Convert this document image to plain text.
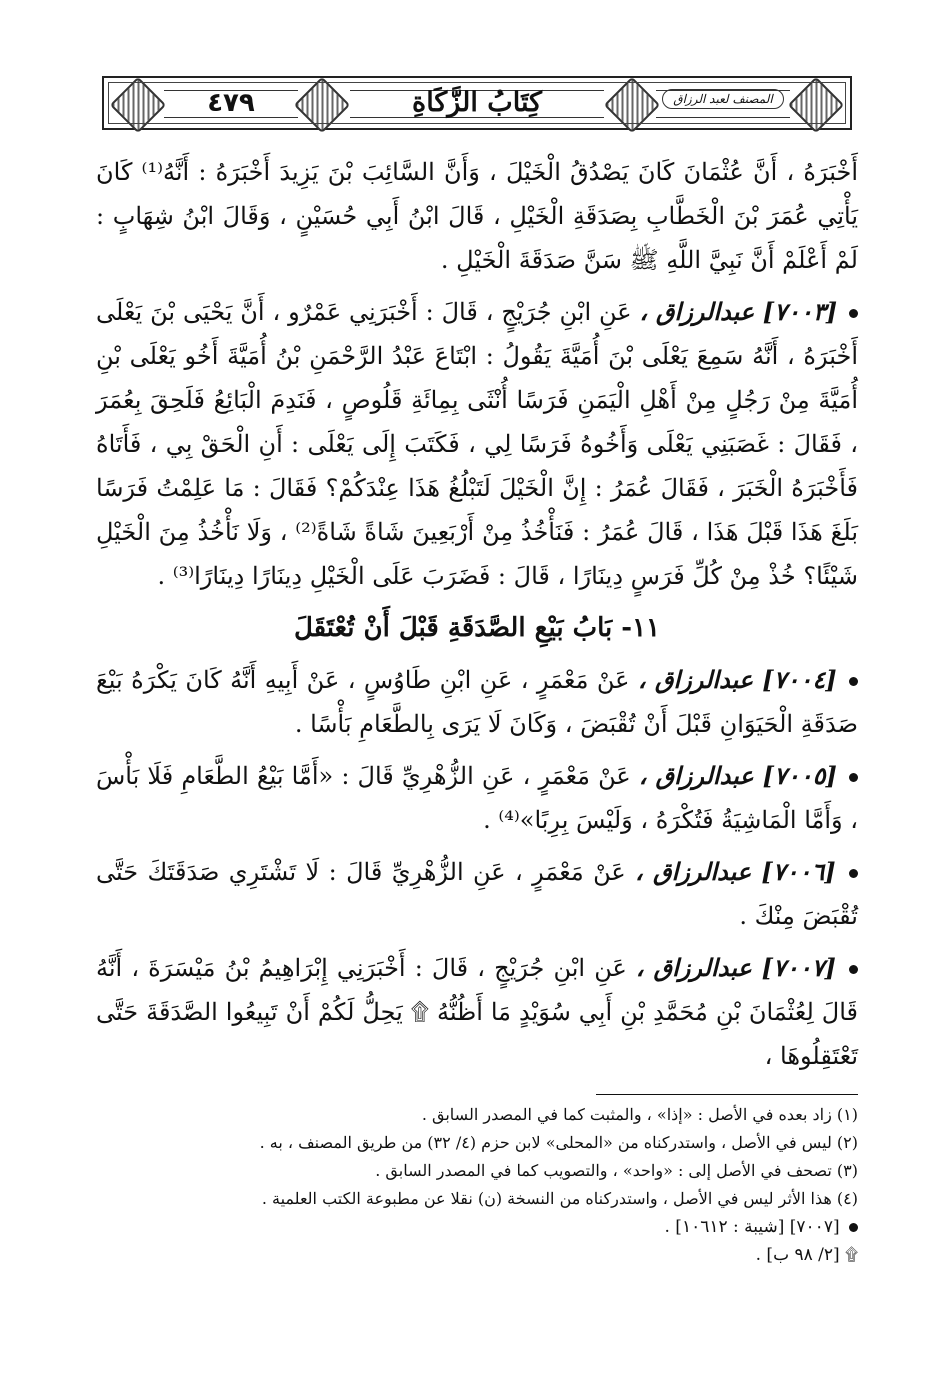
٤٧٩	كِتَابُ الزَّكَاةِ	المصنف لعبد الرزاق

أَخْبَرَهُ ، أَنَّ عُثْمَانَ كَانَ يَصْدُقُ الْخَيْلَ ، وَأَنَّ السَّائِبَ بْنَ يَزِيدَ أَخْبَرَهُ : أَنَّهُ⁽¹⁾ كَانَ يَأْتِي عُمَرَ بْنَ الْخَطَّابِ بِصَدَقَةِ الْخَيْلِ ، قَالَ ابْنُ أَبِي حُسَيْنٍ ، وَقَالَ ابْنُ شِهَابٍ : لَمْ أَعْلَمْ أَنَّ نَبِيَّ اللَّهِ ﷺ سَنَّ صَدَقَةَ الْخَيْلِ .

[٧٠٠٣] عبدالرزاق ، عَنِ ابْنِ جُرَيْجٍ ، قَالَ : أَخْبَرَنِي عَمْرٌو ، أَنَّ يَحْيَى بْنَ يَعْلَى أَخْبَرَهُ ، أَنَّهُ سَمِعَ يَعْلَى بْنَ أُمَيَّةَ يَقُولُ : ابْتَاعَ عَبْدُ الرَّحْمَنِ بْنُ أُمَيَّةَ أَخُو يَعْلَى بْنِ أُمَيَّةَ مِنْ رَجُلٍ مِنْ أَهْلِ الْيَمَنِ فَرَسًا أُنْثَى بِمِائَةِ قَلُوصٍ ، فَنَدِمَ الْبَائِعُ فَلَحِقَ بِعُمَرَ ، فَقَالَ : غَصَبَنِي يَعْلَى وَأَخُوهُ فَرَسًا لِي ، فَكَتَبَ إِلَى يَعْلَى : أَنِ الْحَقْ بِي ، فَأَتَاهُ فَأَخْبَرَهُ الْخَبَرَ ، فَقَالَ عُمَرُ : إِنَّ الْخَيْلَ لَتَبْلُغُ هَذَا عِنْدَكُمْ؟ فَقَالَ : مَا عَلِمْتُ فَرَسًا بَلَغَ هَذَا قَبْلَ هَذَا ، قَالَ عُمَرُ : فَنَأْخُذُ مِنْ أَرْبَعِينَ شَاةً شَاةً⁽²⁾ ، وَلَا نَأْخُذُ مِنَ الْخَيْلِ شَيْئًا؟ خُذْ مِنْ كُلِّ فَرَسٍ دِينَارًا ، قَالَ : فَضَرَبَ عَلَى الْخَيْلِ دِينَارًا دِينَارًا⁽³⁾ .

١١- بَابُ بَيْعِ الصَّدَقَةِ قَبْلَ أَنْ تُعْتَقَلَ

[٧٠٠٤] عبدالرزاق ، عَنْ مَعْمَرٍ ، عَنِ ابْنِ طَاوُسٍ ، عَنْ أَبِيهِ أَنَّهُ كَانَ يَكْرَهُ بَيْعَ صَدَقَةِ الْحَيَوَانِ قَبْلَ أَنْ تُقْبَضَ ، وَكَانَ لَا يَرَى بِالطَّعَامِ بَأْسًا .

[٧٠٠٥] عبدالرزاق ، عَنْ مَعْمَرٍ ، عَنِ الزُّهْرِيِّ قَالَ : «أَمَّا بَيْعُ الطَّعَامِ فَلَا بَأْسَ ، وَأَمَّا الْمَاشِيَةُ فَتُكْرَهُ ، وَلَيْسَ بِرِبًا»⁽⁴⁾ .

[٧٠٠٦] عبدالرزاق ، عَنْ مَعْمَرٍ ، عَنِ الزُّهْرِيِّ قَالَ : لَا تَشْتَرِي صَدَقَتَكَ حَتَّى تُقْبَضَ مِنْكَ .

[٧٠٠٧] عبدالرزاق ، عَنِ ابْنِ جُرَيْجٍ ، قَالَ : أَخْبَرَنِي إِبْرَاهِيمُ بْنُ مَيْسَرَةَ ، أَنَّهُ قَالَ لِعُثْمَانَ بْنِ مُحَمَّدِ بْنِ أَبِي سُوَيْدٍ مَا أَظُنُّهُ ۩ يَحِلُّ لَكُمْ أَنْ تَبِيعُوا الصَّدَقَةَ حَتَّى تَعْتَقِلُوهَا ،

(١) زاد بعده في الأصل : «إذا» ، والمثبت كما في المصدر السابق .

(٢) ليس في الأصل ، واستدركناه من «المحلى» لابن حزم (٤/ ٣٢) من طريق المصنف ، به .

(٣) تصحف في الأصل إلى : «واحد» ، والتصويب كما في المصدر السابق .

(٤) هذا الأثر ليس في الأصل ، واستدركناه من النسخة (ن) نقلا عن مطبوعة الكتب العلمية .

[٧٠٠٧] [شيبة : ١٠٦١٢] .

۩ [٢/ ٩٨ ب] .
